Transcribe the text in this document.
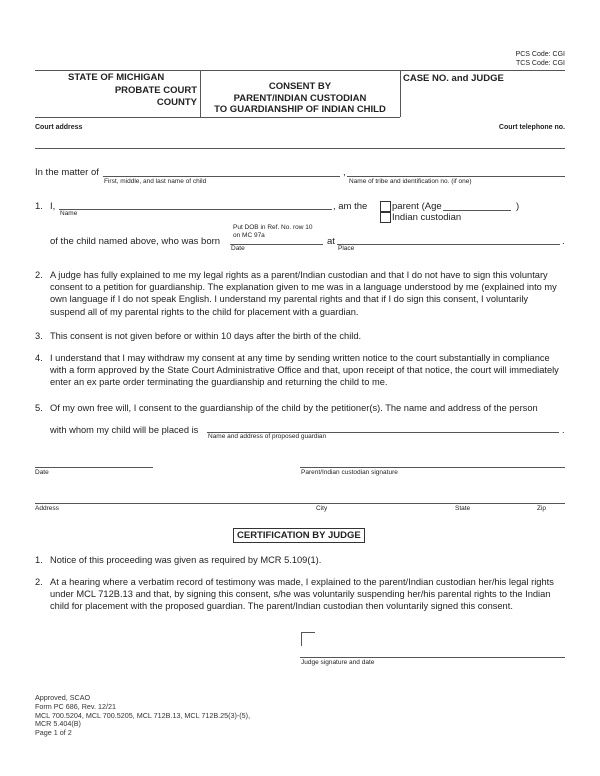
PCS Code: CGI
TCS Code: CGI
STATE OF MICHIGAN
PROBATE COURT
COUNTY
CONSENT BY
PARENT/INDIAN CUSTODIAN
TO GUARDIANSHIP OF INDIAN CHILD
CASE NO. and JUDGE
Court address	Court telephone no.
In the matter of
First, middle, and last name of child
,
Name of tribe and identification no. (if one)
1. I,
Name
, am the	parent (Age	)
Indian custodian
of the child named above, who was born
Put DOB in Ref. No. row 10 on MC 97a
Date
at
Place
.
2. A judge has fully explained to me my legal rights as a parent/Indian custodian and that I do not have to sign this voluntary consent to a petition for guardianship. The explanation given to me was in a language understood by me (explained into my own language if I do not speak English. I understand my parental rights and that if I do sign this consent, I voluntarily suspend all of my parental rights to the child for placement with a guardian.
3. This consent is not given before or within 10 days after the birth of the child.
4. I understand that I may withdraw my consent at any time by sending written notice to the court substantially in compliance with a form approved by the State Court Administrative Office and that, upon receipt of that notice, the court will immediately enter an ex parte order terminating the guardianship and returning the child to me.
5. Of my own free will, I consent to the guardianship of the child by the petitioner(s). The name and address of the person
with whom my child will be placed is
Name and address of proposed guardian
.
Date	Parent/Indian custodian signature
Address	City	State	Zip
CERTIFICATION BY JUDGE
1. Notice of this proceeding was given as required by MCR 5.109(1).
2. At a hearing where a verbatim record of testimony was made, I explained to the parent/Indian custodian her/his legal rights under MCL 712B.13 and that, by signing this consent, s/he was voluntarily suspending her/his parental rights to the Indian child for placement with the proposed guardian. The parent/Indian custodian then voluntarily signed this consent.
Judge signature and date
Approved, SCAO
Form PC 686, Rev. 12/21
MCL 700.5204, MCL 700.5205, MCL 712B.13, MCL 712B.25(3)-(5),
MCR 5.404(B)
Page 1 of 2
